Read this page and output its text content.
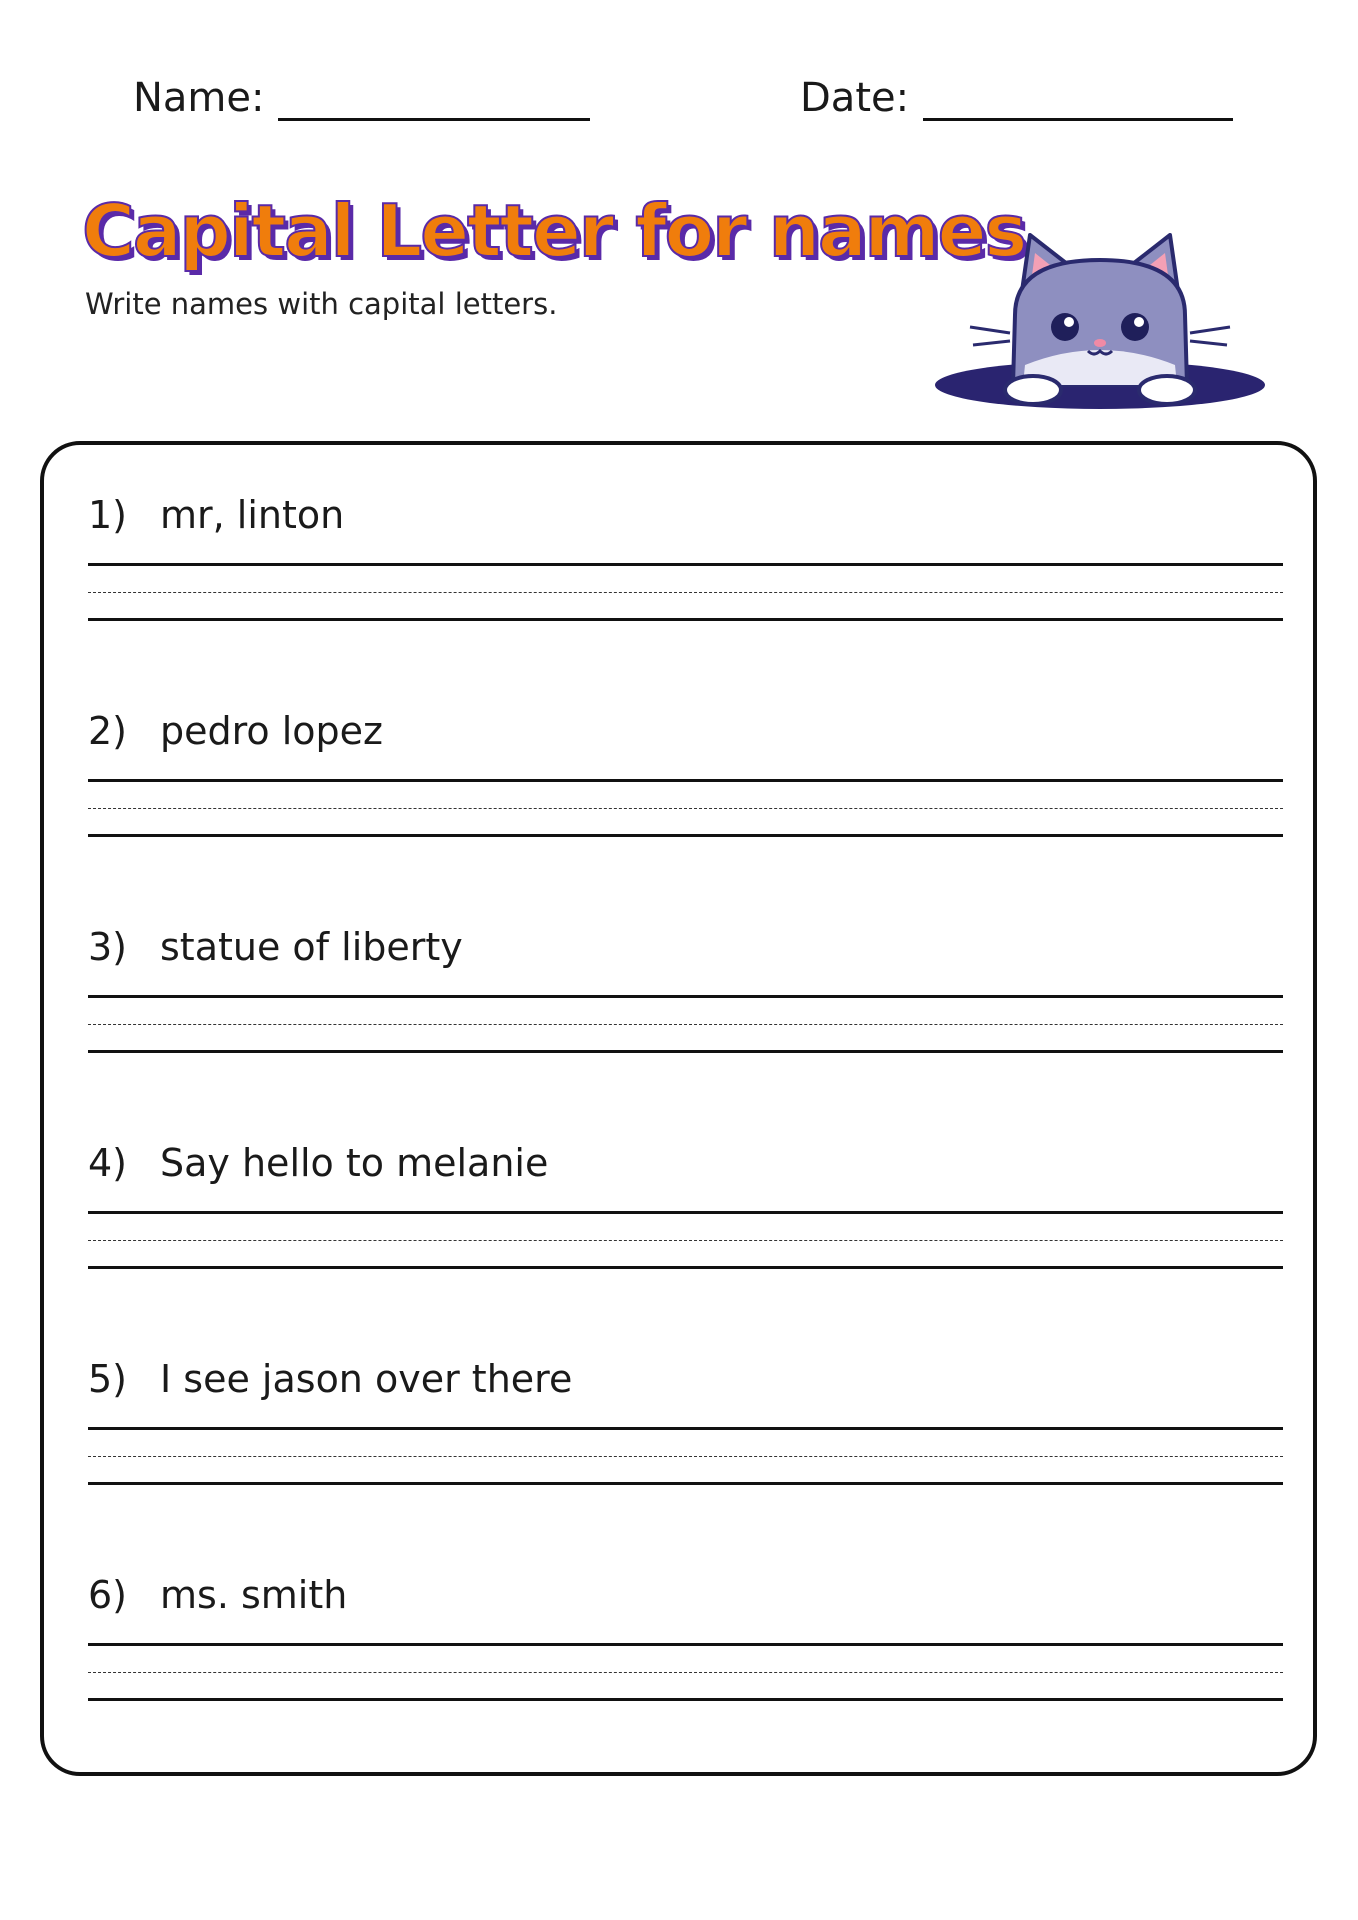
Name:	Date:
Capital Letter for names
Write names with capital letters.
1) mr, linton
2) pedro lopez
3) statue of liberty
4) Say hello to melanie
5) I see jason over there
6) ms. smith
